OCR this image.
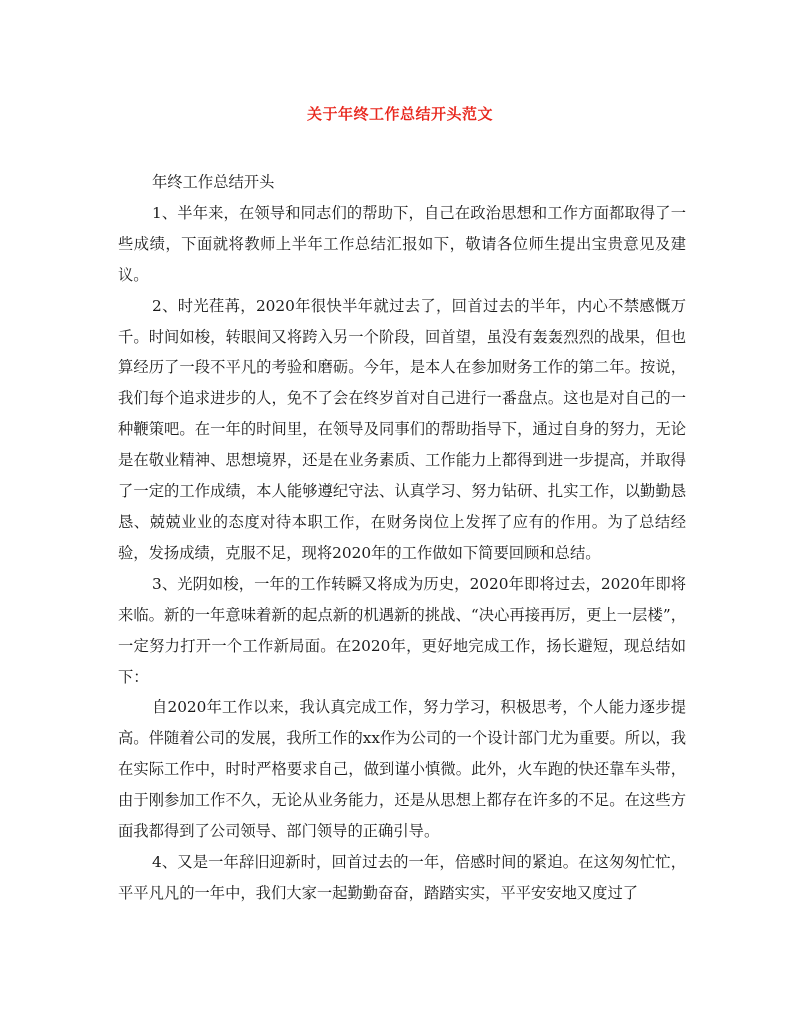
关于年终工作总结开头范文

年终工作总结开头

1、半年来，在领导和同志们的帮助下，自己在政治思想和工作方面都取得了一些成绩，下面就将教师上半年工作总结汇报如下，敬请各位师生提出宝贵意见及建议。

2、时光荏苒，2020年很快半年就过去了，回首过去的半年，内心不禁感慨万千。时间如梭，转眼间又将跨入另一个阶段，回首望，虽没有轰轰烈烈的战果，但也算经历了一段不平凡的考验和磨砺。今年，是本人在参加财务工作的第二年。按说，我们每个追求进步的人，免不了会在终岁首对自己进行一番盘点。这也是对自己的一种鞭策吧。在一年的时间里，在领导及同事们的帮助指导下，通过自身的努力，无论是在敬业精神、思想境界，还是在业务素质、工作能力上都得到进一步提高，并取得了一定的工作成绩，本人能够遵纪守法、认真学习、努力钻研、扎实工作，以勤勤恳恳、兢兢业业的态度对待本职工作，在财务岗位上发挥了应有的作用。为了总结经验，发扬成绩，克服不足，现将2020年的工作做如下简要回顾和总结。

3、光阴如梭，一年的工作转瞬又将成为历史，2020年即将过去，2020年即将来临。新的一年意味着新的起点新的机遇新的挑战、“决心再接再厉，更上一层楼”，一定努力打开一个工作新局面。在2020年，更好地完成工作，扬长避短，现总结如下：

自2020年工作以来，我认真完成工作，努力学习，积极思考，个人能力逐步提高。伴随着公司的发展，我所工作的xx作为公司的一个设计部门尤为重要。所以，我在实际工作中，时时严格要求自己，做到谨小慎微。此外，火车跑的快还靠车头带，由于刚参加工作不久，无论从业务能力，还是从思想上都存在许多的不足。在这些方面我都得到了公司领导、部门领导的正确引导。

4、又是一年辞旧迎新时，回首过去的一年，倍感时间的紧迫。在这匆匆忙忙，平平凡凡的一年中，我们大家一起勤勤奋奋，踏踏实实，平平安安地又度过了
